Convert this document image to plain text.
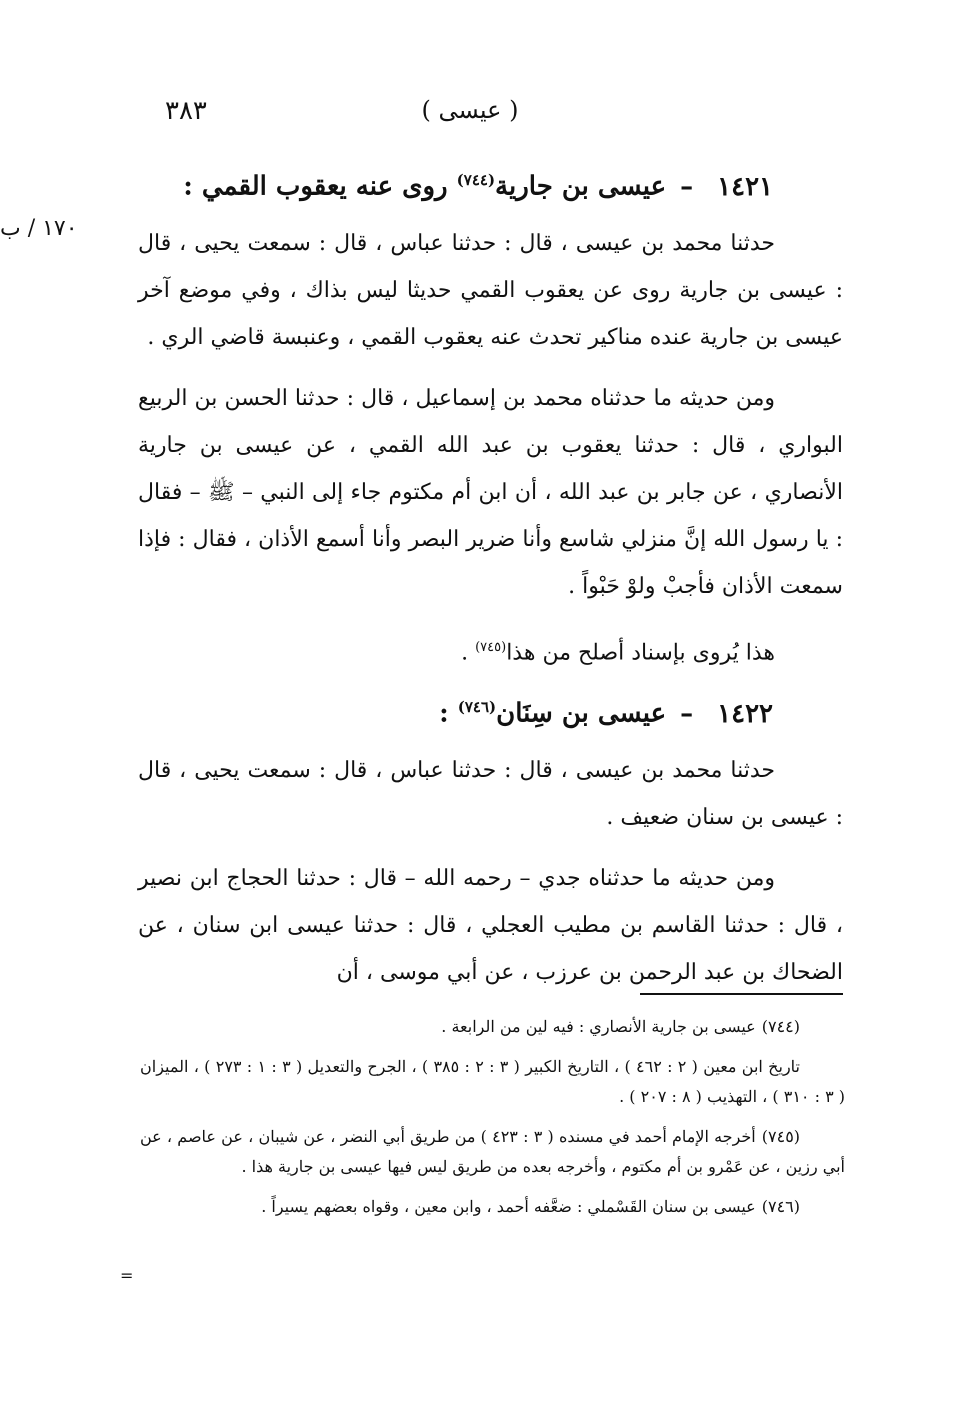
٣٨٣	( عيسى )
١٧٠ / ب
١٤٢١–عيسى بن جارية$^{(٧٤٤)}$ روى عنه يعقوب القمي :

حدثنا محمد بن عيسى ، قال : حدثنا عباس ، قال : سمعت يحيى ، قال : عيسى بن جارية روى عن يعقوب القمي حديثا ليس بذاك ، وفي موضع آخر عيسى بن جارية عنده مناكير تحدث عنه يعقوب القمي ، وعنبسة قاضي الري .

ومن حديثه ما حدثناه محمد بن إسماعيل ، قال : حدثنا الحسن بن الربيع البواري ، قال : حدثنا يعقوب بن عبد الله القمي ، عن عيسى بن جارية الأنصاري ، عن جابر بن عبد الله ، أن ابن أم مكتوم جاء إلى النبي – ﷺ – فقال : يا رسول الله إنَّ منزلي شاسع وأنا ضرير البصر وأنا أسمع الأذان ، فقال : فإذا سمعت الأذان فأجبْ ولوْ حَبْواً .

هذا يُروى بإسناد أصلح من هذا$^{(٧٤٥)}$ .

١٤٢٢–عيسى بن سِنَان$^{(٧٤٦)}$ :

حدثنا محمد بن عيسى ، قال : حدثنا عباس ، قال : سمعت يحيى ، قال : عيسى بن سنان ضعيف .

ومن حديثه ما حدثناه جدي – رحمه الله – قال : حدثنا الحجاج ابن نصير ، قال : حدثنا القاسم بن مطيب العجلي ، قال : حدثنا عيسى ابن سنان ، عن الضحاك بن عبد الرحمن بن عرزب ، عن أبي موسى ، أن

(٧٤٤)عيسى بن جارية الأنصاري : فيه لين من الرابعة .

تاريخ ابن معين ( ٢ : ٤٦٢ ) ، التاريخ الكبير ( ٣ : ٢ : ٣٨٥ ) ، الجرح والتعديل ( ٣ : ١ : ٢٧٣ ) ، الميزان ( ٣ : ٣١٠ ) ، التهذيب ( ٨ : ٢٠٧ ) .

(٧٤٥)أخرجه الإمام أحمد في مسنده ( ٣ : ٤٢٣ ) من طريق أبي النضر ، عن شيبان ، عن عاصم ، عن أبي رزين ، عن عَمْرو بن أم مكتوم ، وأخرجه بعده من طريق ليس فيها عيسى بن جارية هذا .

(٧٤٦)عيسى بن سنان القَسْملي : ضعَّفه أحمد ، وابن معين ، وقواه بعضهم يسيراً .

=
